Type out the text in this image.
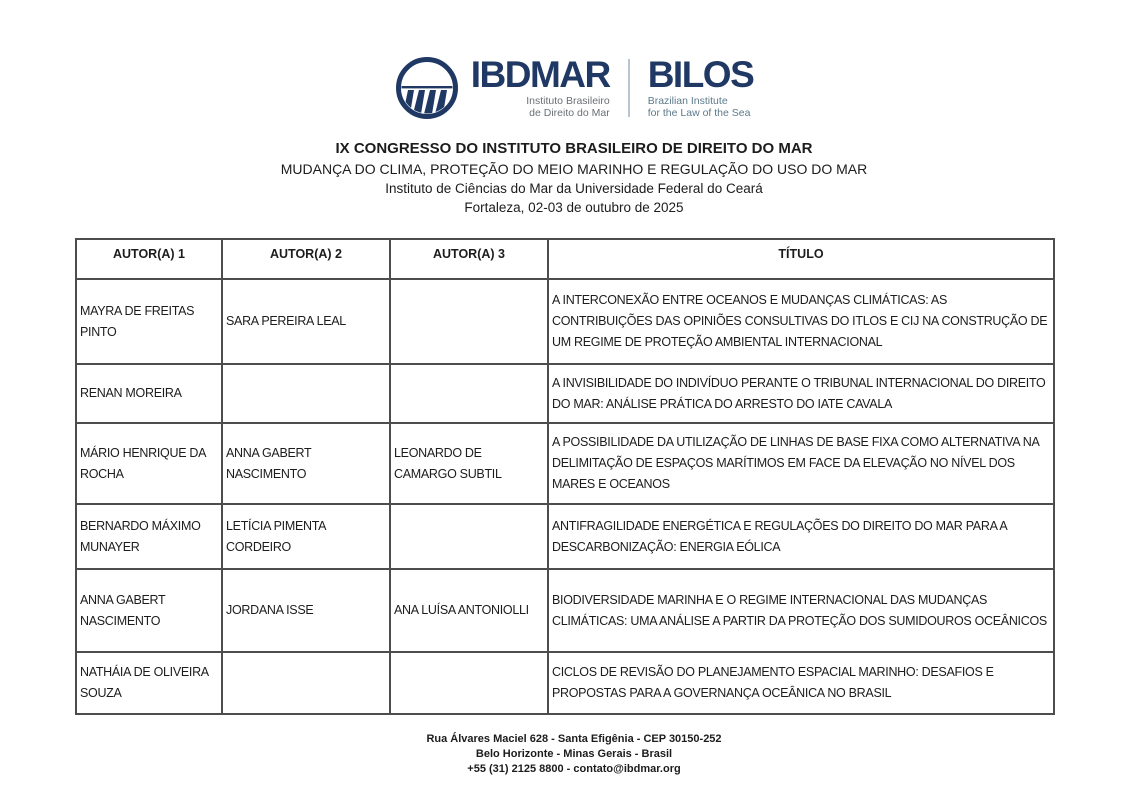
IBDMAR
Instituto Brasileiro
de Direito do Mar
BILOS
Brazilian Institute
for the Law of the Sea
IX CONGRESSO DO INSTITUTO BRASILEIRO DE DIREITO DO MAR
MUDANÇA DO CLIMA, PROTEÇÃO DO MEIO MARINHO E REGULAÇÃO DO USO DO MAR
Instituto de Ciências do Mar da Universidade Federal do Ceará
Fortaleza, 02-03 de outubro de 2025
AUTOR(A) 1	AUTOR(A) 2	AUTOR(A) 3	TÍTULO
MAYRA DE FREITAS PINTO	SARA PEREIRA LEAL		A INTERCONEXÃO ENTRE OCEANOS E MUDANÇAS CLIMÁTICAS: AS CONTRIBUIÇÕES DAS OPINIÕES CONSULTIVAS DO ITLOS E CIJ NA CONSTRUÇÃO DE UM REGIME DE PROTEÇÃO AMBIENTAL INTERNACIONAL
RENAN MOREIRA			A INVISIBILIDADE DO INDIVÍDUO PERANTE O TRIBUNAL INTERNACIONAL DO DIREITO DO MAR: ANÁLISE PRÁTICA DO ARRESTO DO IATE CAVALA
MÁRIO HENRIQUE DA ROCHA	ANNA GABERT NASCIMENTO	LEONARDO DE CAMARGO SUBTIL	A POSSIBILIDADE DA UTILIZAÇÃO DE LINHAS DE BASE FIXA COMO ALTERNATIVA NA DELIMITAÇÃO DE ESPAÇOS MARÍTIMOS EM FACE DA ELEVAÇÃO NO NÍVEL DOS MARES E OCEANOS
BERNARDO MÁXIMO MUNAYER	LETÍCIA PIMENTA CORDEIRO		ANTIFRAGILIDADE ENERGÉTICA E REGULAÇÕES DO DIREITO DO MAR PARA A DESCARBONIZAÇÃO: ENERGIA EÓLICA
ANNA GABERT NASCIMENTO	JORDANA ISSE	ANA LUÍSA ANTONIOLLI	BIODIVERSIDADE MARINHA E O REGIME INTERNACIONAL DAS MUDANÇAS CLIMÁTICAS: UMA ANÁLISE A PARTIR DA PROTEÇÃO DOS SUMIDOUROS OCEÂNICOS
NATHÁIA DE OLIVEIRA SOUZA			CICLOS DE REVISÃO DO PLANEJAMENTO ESPACIAL MARINHO: DESAFIOS E PROPOSTAS PARA A GOVERNANÇA OCEÂNICA NO BRASIL
Rua Álvares Maciel 628 - Santa Efigênia - CEP 30150-252
Belo Horizonte - Minas Gerais - Brasil
+55 (31) 2125 8800 - contato@ibdmar.org
